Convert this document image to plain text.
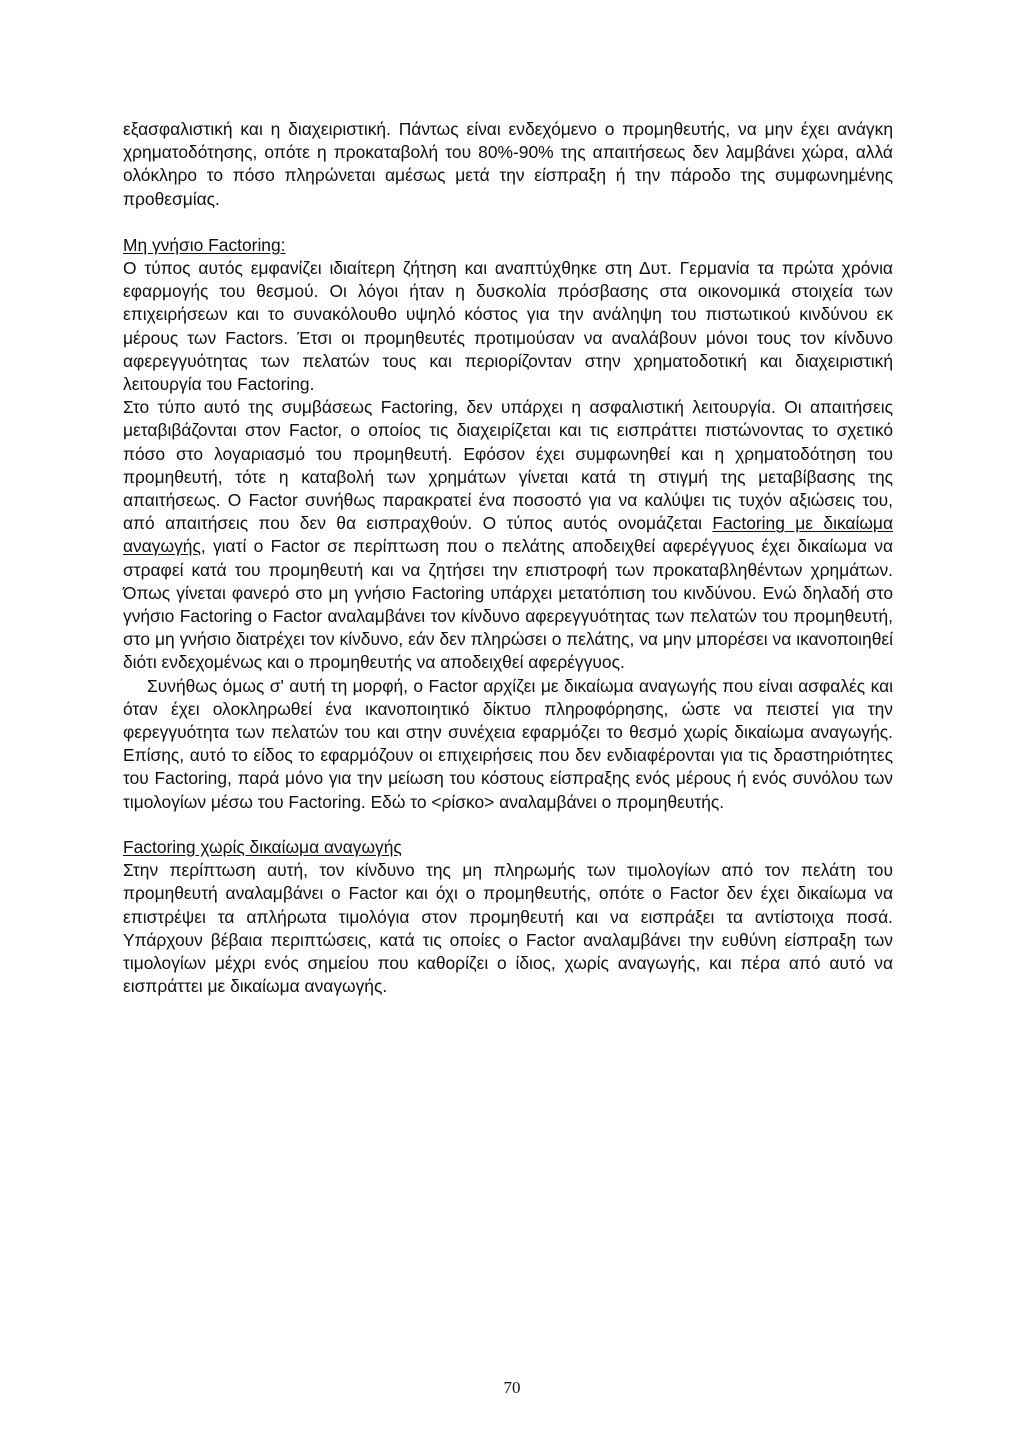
εξασφαλιστική και η διαχειριστική. Πάντως είναι ενδεχόμενο ο προμηθευτής, να μην έχει ανάγκη χρηματοδότησης, οπότε η προκαταβολή του 80%-90% της απαιτήσεως δεν λαμβάνει χώρα, αλλά ολόκληρο το πόσο πληρώνεται αμέσως μετά την είσπραξη ή την πάροδο της συμφωνημένης προθεσμίας.

Μη γνήσιο Factoring:

Ο τύπος αυτός εμφανίζει ιδιαίτερη ζήτηση και αναπτύχθηκε στη Δυτ. Γερμανία τα πρώτα χρόνια εφαρμογής του θεσμού. Οι λόγοι ήταν η δυσκολία πρόσβασης στα οικονομικά στοιχεία των επιχειρήσεων και το συνακόλουθο υψηλό κόστος για την ανάληψη του πιστωτικού κινδύνου εκ μέρους των Factors. Έτσι οι προμηθευτές προτιμούσαν να αναλάβουν μόνοι τους τον κίνδυνο αφερεγγυότητας των πελατών τους και περιορίζονταν στην χρηματοδοτική και διαχειριστική λειτουργία του Factoring.

Στο τύπο αυτό της συμβάσεως Factoring, δεν υπάρχει η ασφαλιστική λειτουργία. Οι απαιτήσεις μεταβιβάζονται στον Factor, ο οποίος τις διαχειρίζεται και τις εισπράττει πιστώνοντας το σχετικό πόσο στο λογαριασμό του προμηθευτή. Εφόσον έχει συμφωνηθεί και η χρηματοδότηση του προμηθευτή, τότε η καταβολή των χρημάτων γίνεται κατά τη στιγμή της μεταβίβασης της απαιτήσεως. Ο Factor συνήθως παρακρατεί ένα ποσοστό για να καλύψει τις τυχόν αξιώσεις του, από απαιτήσεις που δεν θα εισπραχθούν. Ο τύπος αυτός ονομάζεται Factoring με δικαίωμα αναγωγής, γιατί ο Factor σε περίπτωση που ο πελάτης αποδειχθεί αφερέγγυος έχει δικαίωμα να στραφεί κατά του προμηθευτή και να ζητήσει την επιστροφή των προκαταβληθέντων χρημάτων. Όπως γίνεται φανερό στο μη γνήσιο Factoring υπάρχει μετατόπιση του κινδύνου. Ενώ δηλαδή στο γνήσιο Factoring ο Factor αναλαμβάνει τον κίνδυνο αφερεγγυότητας των πελατών του προμηθευτή, στο μη γνήσιο διατρέχει τον κίνδυνο, εάν δεν πληρώσει ο πελάτης, να μην μπορέσει να ικανοποιηθεί διότι ενδεχομένως και ο προμηθευτής να αποδειχθεί αφερέγγυος.

Συνήθως όμως σ' αυτή τη μορφή, ο Factor αρχίζει με δικαίωμα αναγωγής που είναι ασφαλές και όταν έχει ολοκληρωθεί ένα ικανοποιητικό δίκτυο πληροφόρησης, ώστε να πειστεί για την φερεγγυότητα των πελατών του και στην συνέχεια εφαρμόζει το θεσμό χωρίς δικαίωμα αναγωγής. Επίσης, αυτό το είδος το εφαρμόζουν οι επιχειρήσεις που δεν ενδιαφέρονται για τις δραστηριότητες του Factoring, παρά μόνο για την μείωση του κόστους είσπραξης ενός μέρους ή ενός συνόλου των τιμολογίων μέσω του Factoring. Εδώ το <ρίσκο> αναλαμβάνει ο προμηθευτής.

Factoring χωρίς δικαίωμα αναγωγής

Στην περίπτωση αυτή, τον κίνδυνο της μη πληρωμής των τιμολογίων από τον πελάτη του προμηθευτή αναλαμβάνει ο Factor και όχι ο προμηθευτής, οπότε ο Factor δεν έχει δικαίωμα να επιστρέψει τα απλήρωτα τιμολόγια στον προμηθευτή και να εισπράξει τα αντίστοιχα ποσά. Υπάρχουν βέβαια περιπτώσεις, κατά τις οποίες ο Factor αναλαμβάνει την ευθύνη είσπραξη των τιμολογίων μέχρι ενός σημείου που καθορίζει ο ίδιος, χωρίς αναγωγής, και πέρα από αυτό να εισπράττει με δικαίωμα αναγωγής.

70
